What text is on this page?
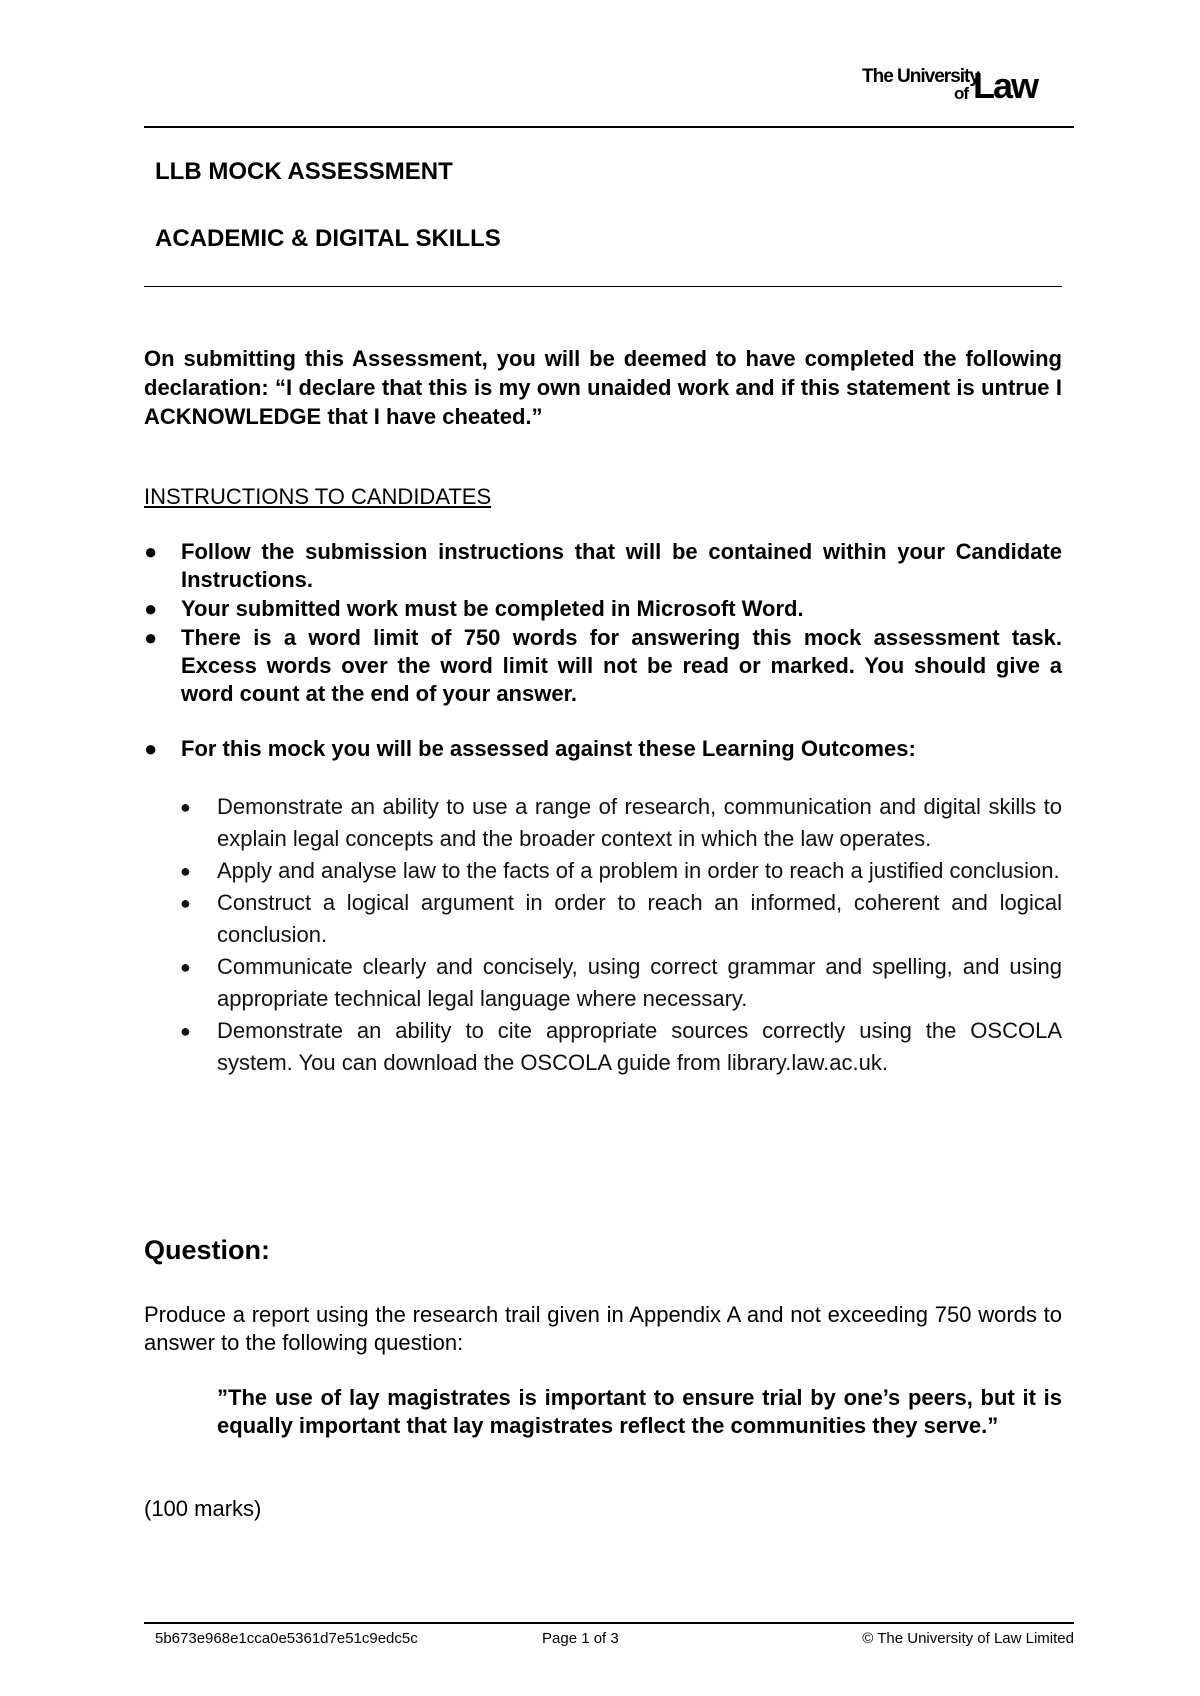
The University
of Law
LLB MOCK ASSESSMENT
ACADEMIC & DIGITAL SKILLS
On submitting this Assessment, you will be deemed to have completed the following declaration: “I declare that this is my own unaided work and if this statement is untrue I ACKNOWLEDGE that I have cheated.”
INSTRUCTIONS TO CANDIDATES
● Follow the submission instructions that will be contained within your Candidate Instructions.
● Your submitted work must be completed in Microsoft Word.
● There is a word limit of 750 words for answering this mock assessment task. Excess words over the word limit will not be read or marked. You should give a word count at the end of your answer.
● For this mock you will be assessed against these Learning Outcomes:
● Demonstrate an ability to use a range of research, communication and digital skills to explain legal concepts and the broader context in which the law operates.
● Apply and analyse law to the facts of a problem in order to reach a justified conclusion.
● Construct a logical argument in order to reach an informed, coherent and logical conclusion.
● Communicate clearly and concisely, using correct grammar and spelling, and using appropriate technical legal language where necessary.
● Demonstrate an ability to cite appropriate sources correctly using the OSCOLA system. You can download the OSCOLA guide from library.law.ac.uk.
Question:
Produce a report using the research trail given in Appendix A and not exceeding 750 words to answer to the following question:
”The use of lay magistrates is important to ensure trial by one’s peers, but it is equally important that lay magistrates reflect the communities they serve.”
(100 marks)
5b673e968e1cca0e5361d7e51c9edc5c	Page 1 of 3	© The University of Law Limited
